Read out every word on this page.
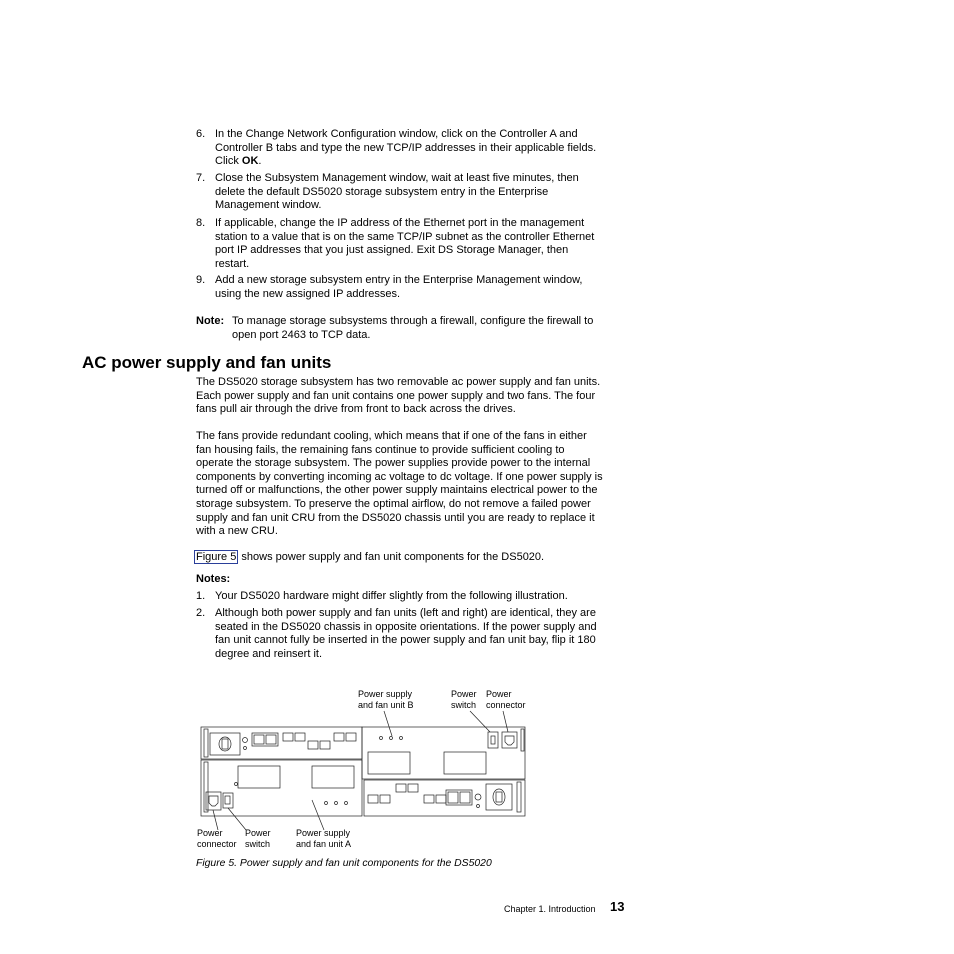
6. In the Change Network Configuration window, click on the Controller A and
Controller B tabs and type the new TCP/IP addresses in their applicable fields.
Click OK.
7. Close the Subsystem Management window, wait at least five minutes, then
delete the default DS5020 storage subsystem entry in the Enterprise
Management window.
8. If applicable, change the IP address of the Ethernet port in the management
station to a value that is on the same TCP/IP subnet as the controller Ethernet
port IP addresses that you just assigned. Exit DS Storage Manager, then
restart.
9. Add a new storage subsystem entry in the Enterprise Management window,
using the new assigned IP addresses.
Note: To manage storage subsystems through a firewall, configure the firewall to
open port 2463 to TCP data.
AC power supply and fan units
The DS5020 storage subsystem has two removable ac power supply and fan units.
Each power supply and fan unit contains one power supply and two fans. The four
fans pull air through the drive from front to back across the drives.
The fans provide redundant cooling, which means that if one of the fans in either
fan housing fails, the remaining fans continue to provide sufficient cooling to
operate the storage subsystem. The power supplies provide power to the internal
components by converting incoming ac voltage to dc voltage. If one power supply is
turned off or malfunctions, the other power supply maintains electrical power to the
storage subsystem. To preserve the optimal airflow, do not remove a failed power
supply and fan unit CRU from the DS5020 chassis until you are ready to replace it
with a new CRU.
Figure 5 shows power supply and fan unit components for the DS5020.
Notes:
1. Your DS5020 hardware might differ slightly from the following illustration.
2. Although both power supply and fan units (left and right) are identical, they are
seated in the DS5020 chassis in opposite orientations. If the power supply and
fan unit cannot fully be inserted in the power supply and fan unit bay, flip it 180
degree and reinsert it.
Power supply
and fan unit B
Power
switch
Power
connector
Power
connector
Power
switch
Power supply
and fan unit A
Figure 5. Power supply and fan unit components for the DS5020
Chapter 1. Introduction 13
